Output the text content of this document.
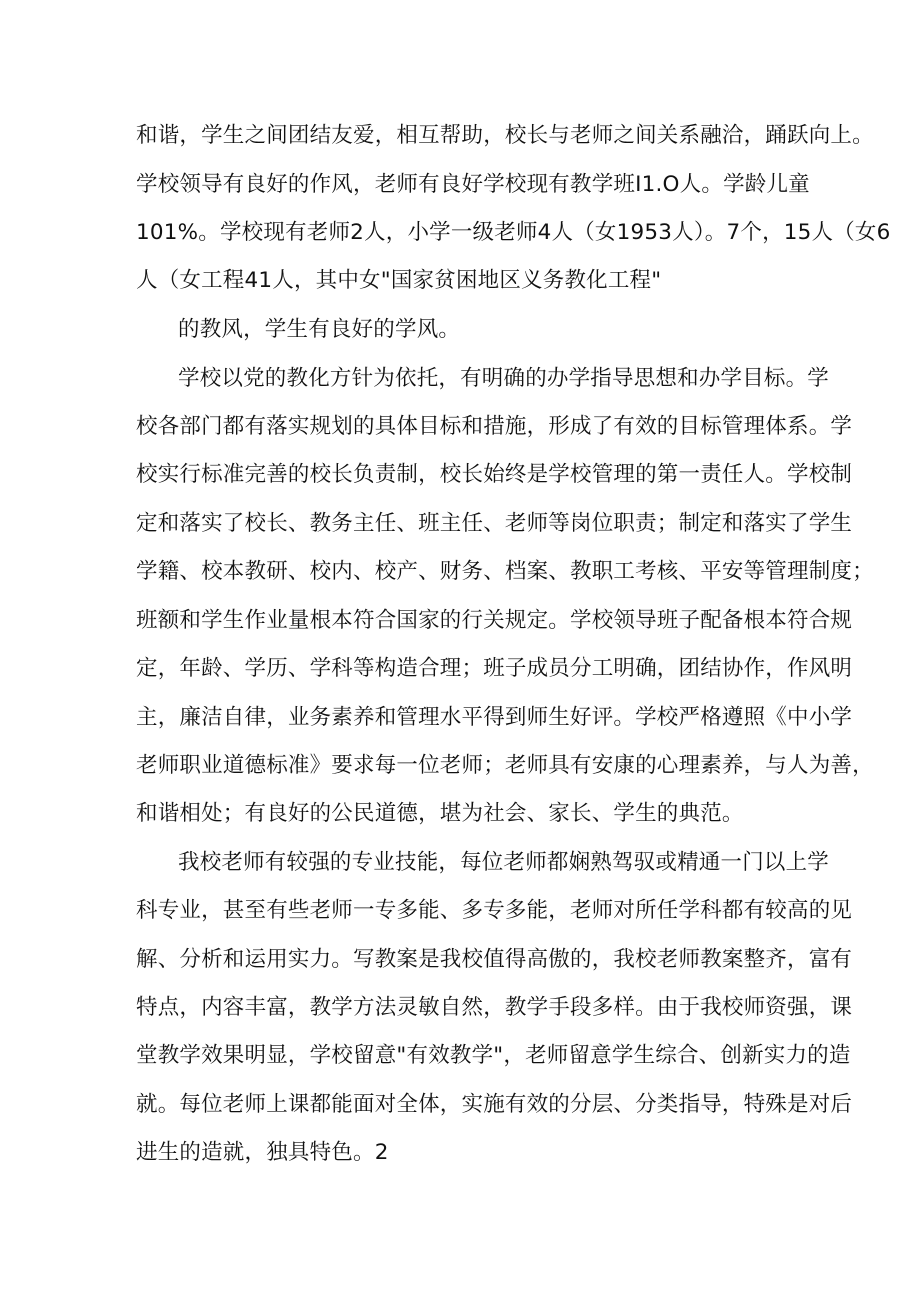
和谐，学生之间团结友爱，相互帮助，校长与老师之间关系融洽，踊跃向上。
学校领导有良好的作风，老师有良好学校现有教学班I1.O人。学龄儿童
101%。学校现有老师2人，小学一级老师4人（女1953人）。7个，15人（女6
人（女工程41人，其中女"国家贫困地区义务教化工程"
的教风，学生有良好的学风。
学校以党的教化方针为依托，有明确的办学指导思想和办学目标。学
校各部门都有落实规划的具体目标和措施，形成了有效的目标管理体系。学
校实行标准完善的校长负责制，校长始终是学校管理的第一责任人。学校制
定和落实了校长、教务主任、班主任、老师等岗位职责；制定和落实了学生
学籍、校本教研、校内、校产、财务、档案、教职工考核、平安等管理制度；
班额和学生作业量根本符合国家的行关规定。学校领导班子配备根本符合规
定，年龄、学历、学科等构造合理；班子成员分工明确，团结协作，作风明
主，廉洁自律，业务素养和管理水平得到师生好评。学校严格遵照《中小学
老师职业道德标准》要求每一位老师；老师具有安康的心理素养，与人为善，
和谐相处；有良好的公民道德，堪为社会、家长、学生的典范。
我校老师有较强的专业技能，每位老师都娴熟驾驭或精通一门以上学
科专业，甚至有些老师一专多能、多专多能，老师对所任学科都有较高的见
解、分析和运用实力。写教案是我校值得高傲的，我校老师教案整齐，富有
特点，内容丰富，教学方法灵敏自然，教学手段多样。由于我校师资强，课
堂教学效果明显，学校留意"有效教学"，老师留意学生综合、创新实力的造
就。每位老师上课都能面对全体，实施有效的分层、分类指导，特殊是对后
进生的造就，独具特色。2
